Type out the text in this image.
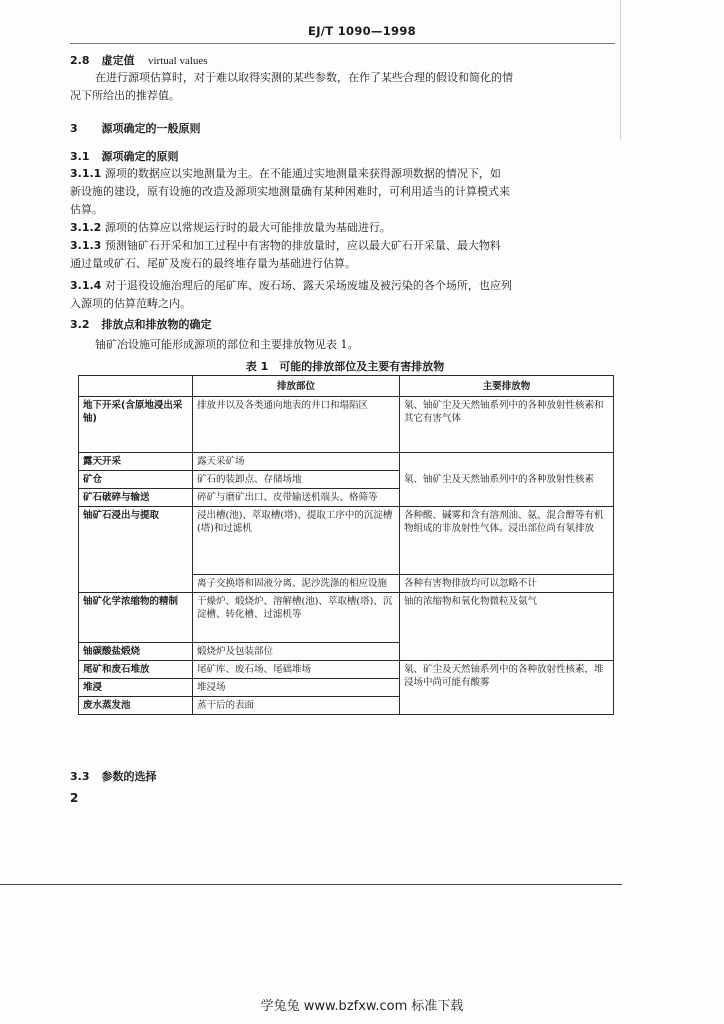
EJ/T 1090—1998
2.8 虚定值 virtual values
在进行源项估算时，对于难以取得实测的某些参数，在作了某些合理的假设和简化的情
况下所给出的推荐值。
3 源项确定的一般原则
3.1 源项确定的原则
3.1.1 源项的数据应以实地测量为主。在不能通过实地测量来获得源项数据的情况下，如
新设施的建设，原有设施的改造及源项实地测量确有某种困难时，可利用适当的计算模式来
估算。
3.1.2 源项的估算应以常规运行时的最大可能排放量为基础进行。
3.1.3 预测铀矿石开采和加工过程中有害物的排放量时，应以最大矿石开采量、最大物料
通过量或矿石、尾矿及废石的最终堆存量为基础进行估算。
3.1.4 对于退役设施治理后的尾矿库、废石场、露天采场废墟及被污染的各个场所，也应列
入源项的估算范畴之内。
3.2 排放点和排放物的确定
铀矿冶设施可能形成源项的部位和主要排放物见表 1。
表 1　可能的排放部位及主要有害排放物
	排放部位	主要排放物
地下开采(含原地浸出采铀)	排放井以及各类通向地表的井口和塌陷区	氡、铀矿尘及天然铀系列中的各种放射性核素和其它有害气体
露天开采	露天采矿场	氡、铀矿尘及天然铀系列中的各种放射性核素
矿仓	矿石的装卸点、存储场地	
矿石破碎与输送	碎矿与磨矿出口、皮带输送机端头、格筛等	
铀矿石浸出与提取	浸出槽(池)、萃取槽(塔)、提取工序中的沉淀槽(塔)和过滤机	各种酸、碱雾和含有溶剂油、氨、混合醇等有机物组成的非放射性气体。浸出部位尚有氡排放
	离子交换塔和固液分离、泥沙洗涤的相应设施	各种有害物排放均可以忽略不计
铀矿化学浓缩物的精制	干燥炉、煅烧炉、溶解槽(池)、萃取槽(塔)、沉淀槽、转化槽、过滤机等	铀的浓缩物和氧化物微粒及氨气
铀碳酸盐煅烧	煅烧炉及包装部位	
尾矿和废石堆放	尾矿库、废石场、尾础堆场	氡、矿尘及天然铀系列中的各种放射性核素，堆浸场中尚可能有酸雾
堆浸	堆浸场	
废水蒸发池	蒸干后的表面	
3.3 参数的选择
2
学兔兔 www.bzfxw.com 标准下载
